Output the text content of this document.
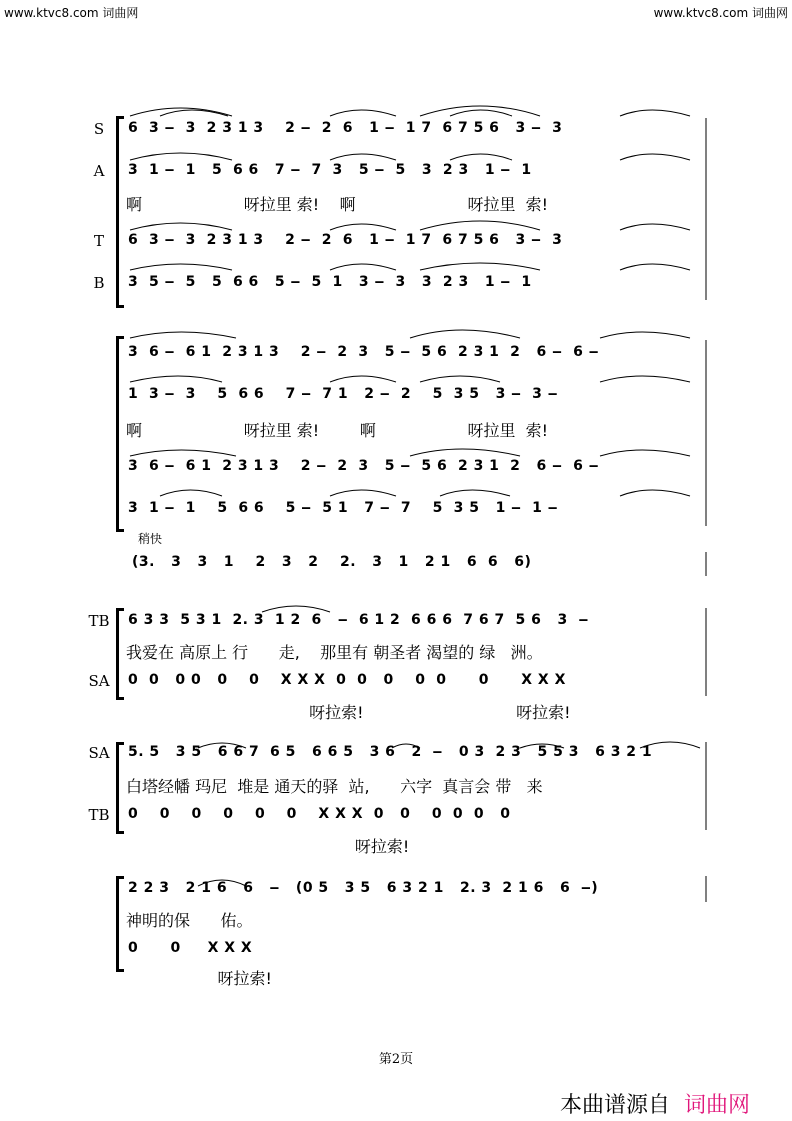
www.ktvc8.com 词曲网	www.ktvc8.com 词曲网
S	6  3 ‒  3  2 3 1 3    2 ‒  2  6   1 ‒  1 7  6 7 5 6   3 ‒  3
A	3  1 ‒  1   5  6 6   7 ‒  7  3   5 ‒  5   3  2 3   1 ‒  1
啊                    呀拉里 索!    啊                      呀拉里  索!
T	6  3 ‒  3  2 3 1 3    2 ‒  2  6   1 ‒  1 7  6 7 5 6   3 ‒  3
B	3  5 ‒  5   5  6 6   5 ‒  5  1   3 ‒  3   3  2 3   1 ‒  1
3  6 ‒  6 1  2 3 1 3    2 ‒  2  3   5 ‒  5 6  2 3 1  2   6 ‒  6 ‒
1  3 ‒  3    5  6 6    7 ‒  7 1   2 ‒  2    5  3 5   3 ‒  3 ‒
啊                    呀拉里 索!        啊                  呀拉里  索!
3  6 ‒  6 1  2 3 1 3    2 ‒  2  3   5 ‒  5 6  2 3 1  2   6 ‒  6 ‒
3  1 ‒  1    5  6 6    5 ‒  5 1   7 ‒  7    5  3 5   1 ‒  1 ‒
稍快
(3.   3   3   1    2   3   2    2.   3   1   2 1   6  6   6)
TB	6 3 3  5 3 1  2. 3  1 2  6   ‒  6 1 2  6 6 6  7 6 7  5 6   3  ‒
我爱在 高原上 行      走,    那里有 朝圣者 渴望的 绿   洲。
SA	0  0   0 0   0    0    X X X  0  0   0    0  0      0      X X X
呀拉索!                              呀拉索!
SA	5. 5   3 5   6 6 7  6 5   6 6 5   3 6   2  ‒   0 3  2 3   5 5 3   6 3 2 1
白塔经幡 玛尼  堆是 通天的驿  站,      六字  真言会 带   来
TB	0    0    0    0    0    0    X X X  0   0    0  0  0   0
呀拉索!
2 2 3   2 1 6   6   ‒   (0 5   3 5   6 3 2 1   2. 3  2 1 6   6  ‒)
神明的保      佑。
0      0     X X X
呀拉索!
第2页
本曲谱源自 词曲网
